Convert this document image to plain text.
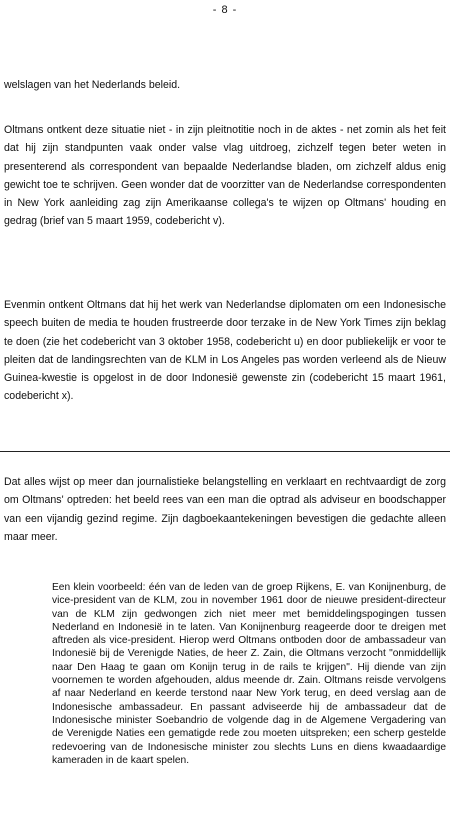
- 8 -

welslagen van het Nederlands beleid.

Oltmans ontkent deze situatie niet - in zijn pleitnotitie noch in de aktes - net zomin als het feit dat hij zijn standpunten vaak onder valse vlag uitdroeg, zichzelf tegen beter weten in presenterend als correspondent van bepaalde Nederlandse bladen, om zichzelf aldus enig gewicht toe te schrijven. Geen wonder dat de voorzitter van de Nederlandse correspondenten in New York aanleiding zag zijn Amerikaanse collega's te wijzen op Oltmans' houding en gedrag (brief van 5 maart 1959, codebericht v).

Evenmin ontkent Oltmans dat hij het werk van Nederlandse diplomaten om een Indonesische speech buiten de media te houden frustreerde door terzake in de New York Times zijn beklag te doen (zie het codebericht van 3 oktober 1958, codebericht u) en door publiekelijk er voor te pleiten dat de landingsrechten van de KLM in Los Angeles pas worden verleend als de Nieuw Guinea-kwestie is opgelost in de door Indonesië gewenste zin (codebericht 15 maart 1961, codebericht x).

Dat alles wijst op meer dan journalistieke belangstelling en verklaart en rechtvaardigt de zorg om Oltmans' optreden: het beeld rees van een man die optrad als adviseur en boodschapper van een vijandig gezind regime. Zijn dagboekaantekeningen bevestigen die gedachte alleen maar meer.

Een klein voorbeeld: één van de leden van de groep Rijkens, E. van Konijnenburg, de vice-president van de KLM, zou in november 1961 door de nieuwe president-directeur van de KLM zijn gedwongen zich niet meer met bemiddelingspogingen tussen Nederland en Indonesië in te laten. Van Konijnenburg reageerde door te dreigen met aftreden als vice-president. Hierop werd Oltmans ontboden door de ambassadeur van Indonesië bij de Verenigde Naties, de heer Z. Zain, die Oltmans verzocht "onmiddellijk naar Den Haag te gaan om Konijn terug in de rails te krijgen". Hij diende van zijn voornemen te worden afgehouden, aldus meende dr. Zain. Oltmans reisde vervolgens af naar Nederland en keerde terstond naar New York terug, en deed verslag aan de Indonesische ambassadeur. En passant adviseerde hij de ambassadeur dat de Indonesische minister Soebandrio de volgende dag in de Algemene Vergadering van de Verenigde Naties een gematigde rede zou moeten uitspreken; een scherp gestelde redevoering van de Indonesische minister zou slechts Luns en diens kwaadaardige kameraden in de kaart spelen.
